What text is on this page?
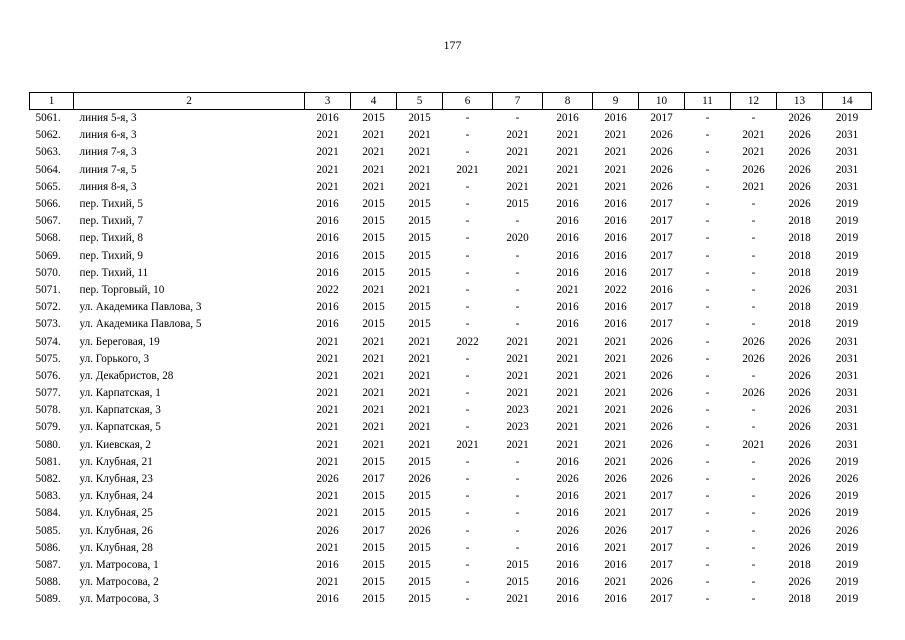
177
1	2	3	4	5	6	7	8	9	10	11	12	13	14
5061.	линия 5-я, 3	2016	2015	2015	-	-	2016	2016	2017	-	-	2026	2019
5062.	линия 6-я, 3	2021	2021	2021	-	2021	2021	2021	2026	-	2021	2026	2031
5063.	линия 7-я, 3	2021	2021	2021	-	2021	2021	2021	2026	-	2021	2026	2031
5064.	линия 7-я, 5	2021	2021	2021	2021	2021	2021	2021	2026	-	2026	2026	2031
5065.	линия 8-я, 3	2021	2021	2021	-	2021	2021	2021	2026	-	2021	2026	2031
5066.	пер. Тихий, 5	2016	2015	2015	-	2015	2016	2016	2017	-	-	2026	2019
5067.	пер. Тихий, 7	2016	2015	2015	-	-	2016	2016	2017	-	-	2018	2019
5068.	пер. Тихий, 8	2016	2015	2015	-	2020	2016	2016	2017	-	-	2018	2019
5069.	пер. Тихий, 9	2016	2015	2015	-	-	2016	2016	2017	-	-	2018	2019
5070.	пер. Тихий, 11	2016	2015	2015	-	-	2016	2016	2017	-	-	2018	2019
5071.	пер. Торговый, 10	2022	2021	2021	-	-	2021	2022	2016	-	-	2026	2031
5072.	ул. Академика Павлова, 3	2016	2015	2015	-	-	2016	2016	2017	-	-	2018	2019
5073.	ул. Академика Павлова, 5	2016	2015	2015	-	-	2016	2016	2017	-	-	2018	2019
5074.	ул. Береговая, 19	2021	2021	2021	2022	2021	2021	2021	2026	-	2026	2026	2031
5075.	ул. Горького, 3	2021	2021	2021	-	2021	2021	2021	2026	-	2026	2026	2031
5076.	ул. Декабристов, 28	2021	2021	2021	-	2021	2021	2021	2026	-	-	2026	2031
5077.	ул. Карпатская, 1	2021	2021	2021	-	2021	2021	2021	2026	-	2026	2026	2031
5078.	ул. Карпатская, 3	2021	2021	2021	-	2023	2021	2021	2026	-	-	2026	2031
5079.	ул. Карпатская, 5	2021	2021	2021	-	2023	2021	2021	2026	-	-	2026	2031
5080.	ул. Киевская, 2	2021	2021	2021	2021	2021	2021	2021	2026	-	2021	2026	2031
5081.	ул. Клубная, 21	2021	2015	2015	-	-	2016	2021	2026	-	-	2026	2019
5082.	ул. Клубная, 23	2026	2017	2026	-	-	2026	2026	2026	-	-	2026	2026
5083.	ул. Клубная, 24	2021	2015	2015	-	-	2016	2021	2017	-	-	2026	2019
5084.	ул. Клубная, 25	2021	2015	2015	-	-	2016	2021	2017	-	-	2026	2019
5085.	ул. Клубная, 26	2026	2017	2026	-	-	2026	2026	2017	-	-	2026	2026
5086.	ул. Клубная, 28	2021	2015	2015	-	-	2016	2021	2017	-	-	2026	2019
5087.	ул. Матросова, 1	2016	2015	2015	-	2015	2016	2016	2017	-	-	2018	2019
5088.	ул. Матросова, 2	2021	2015	2015	-	2015	2016	2021	2026	-	-	2026	2019
5089.	ул. Матросова, 3	2016	2015	2015	-	2021	2016	2016	2017	-	-	2018	2019
